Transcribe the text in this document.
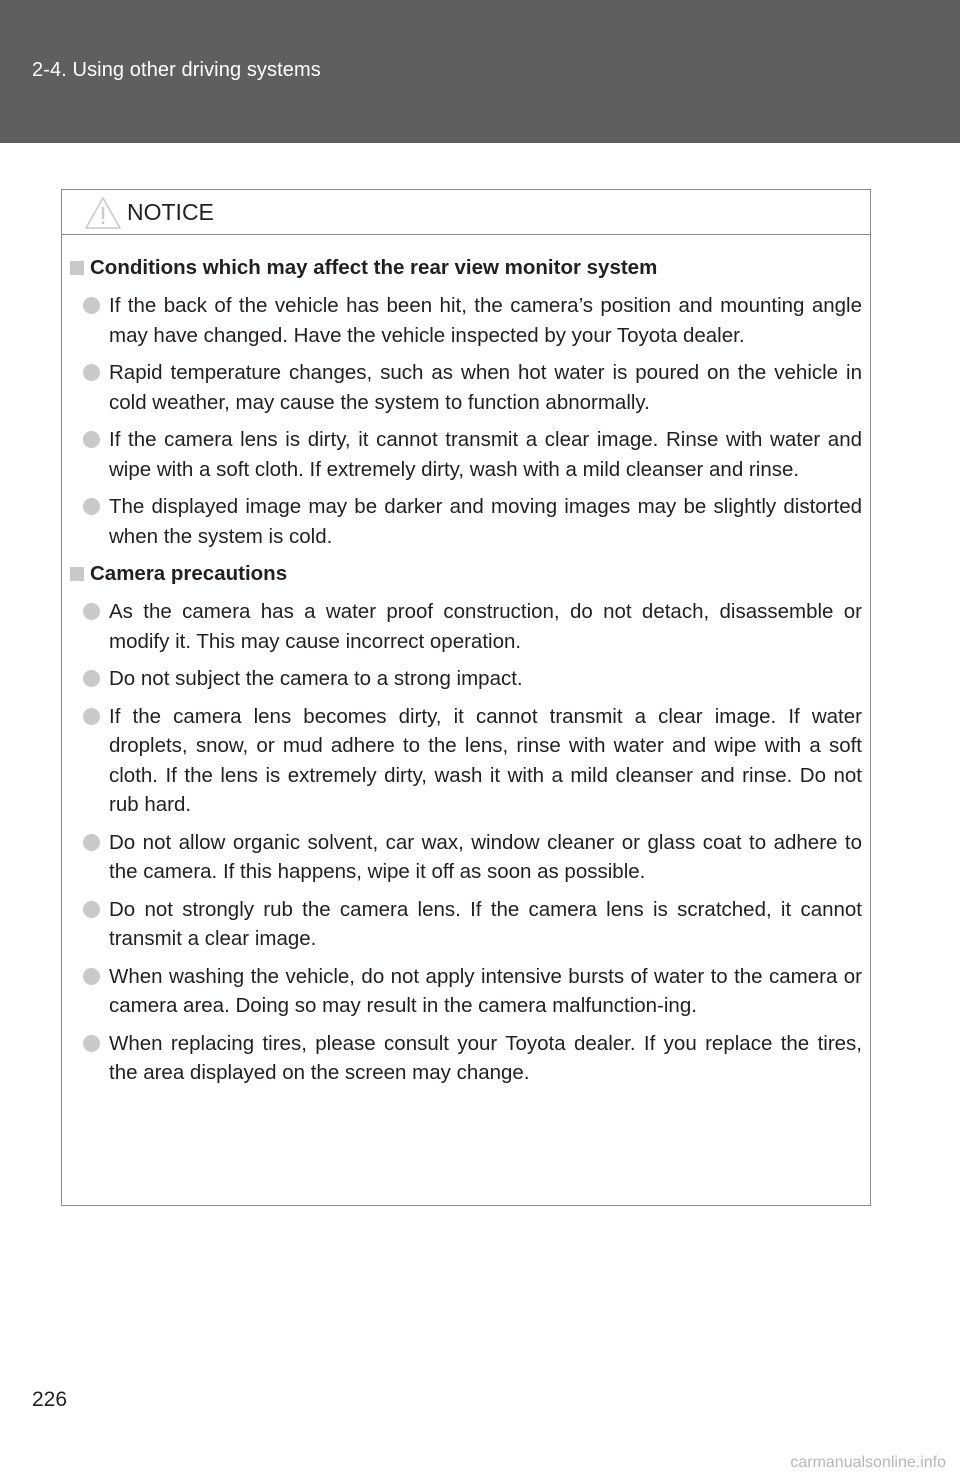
2-4. Using other driving systems
NOTICE
Conditions which may affect the rear view monitor system
If the back of the vehicle has been hit, the camera’s position and mounting angle may have changed. Have the vehicle inspected by your Toyota dealer.
Rapid temperature changes, such as when hot water is poured on the vehicle in cold weather, may cause the system to function abnormally.
If the camera lens is dirty, it cannot transmit a clear image. Rinse with water and wipe with a soft cloth. If extremely dirty, wash with a mild cleanser and rinse.
The displayed image may be darker and moving images may be slightly distorted when the system is cold.
Camera precautions
As the camera has a water proof construction, do not detach, disassemble or modify it. This may cause incorrect operation.
Do not subject the camera to a strong impact.
If the camera lens becomes dirty, it cannot transmit a clear image. If water droplets, snow, or mud adhere to the lens, rinse with water and wipe with a soft cloth. If the lens is extremely dirty, wash it with a mild cleanser and rinse. Do not rub hard.
Do not allow organic solvent, car wax, window cleaner or glass coat to adhere to the camera. If this happens, wipe it off as soon as possible.
Do not strongly rub the camera lens. If the camera lens is scratched, it cannot transmit a clear image.
When washing the vehicle, do not apply intensive bursts of water to the camera or camera area. Doing so may result in the camera malfunction-ing.
When replacing tires, please consult your Toyota dealer. If you replace the tires, the area displayed on the screen may change.
226
carmanualsonline.info
